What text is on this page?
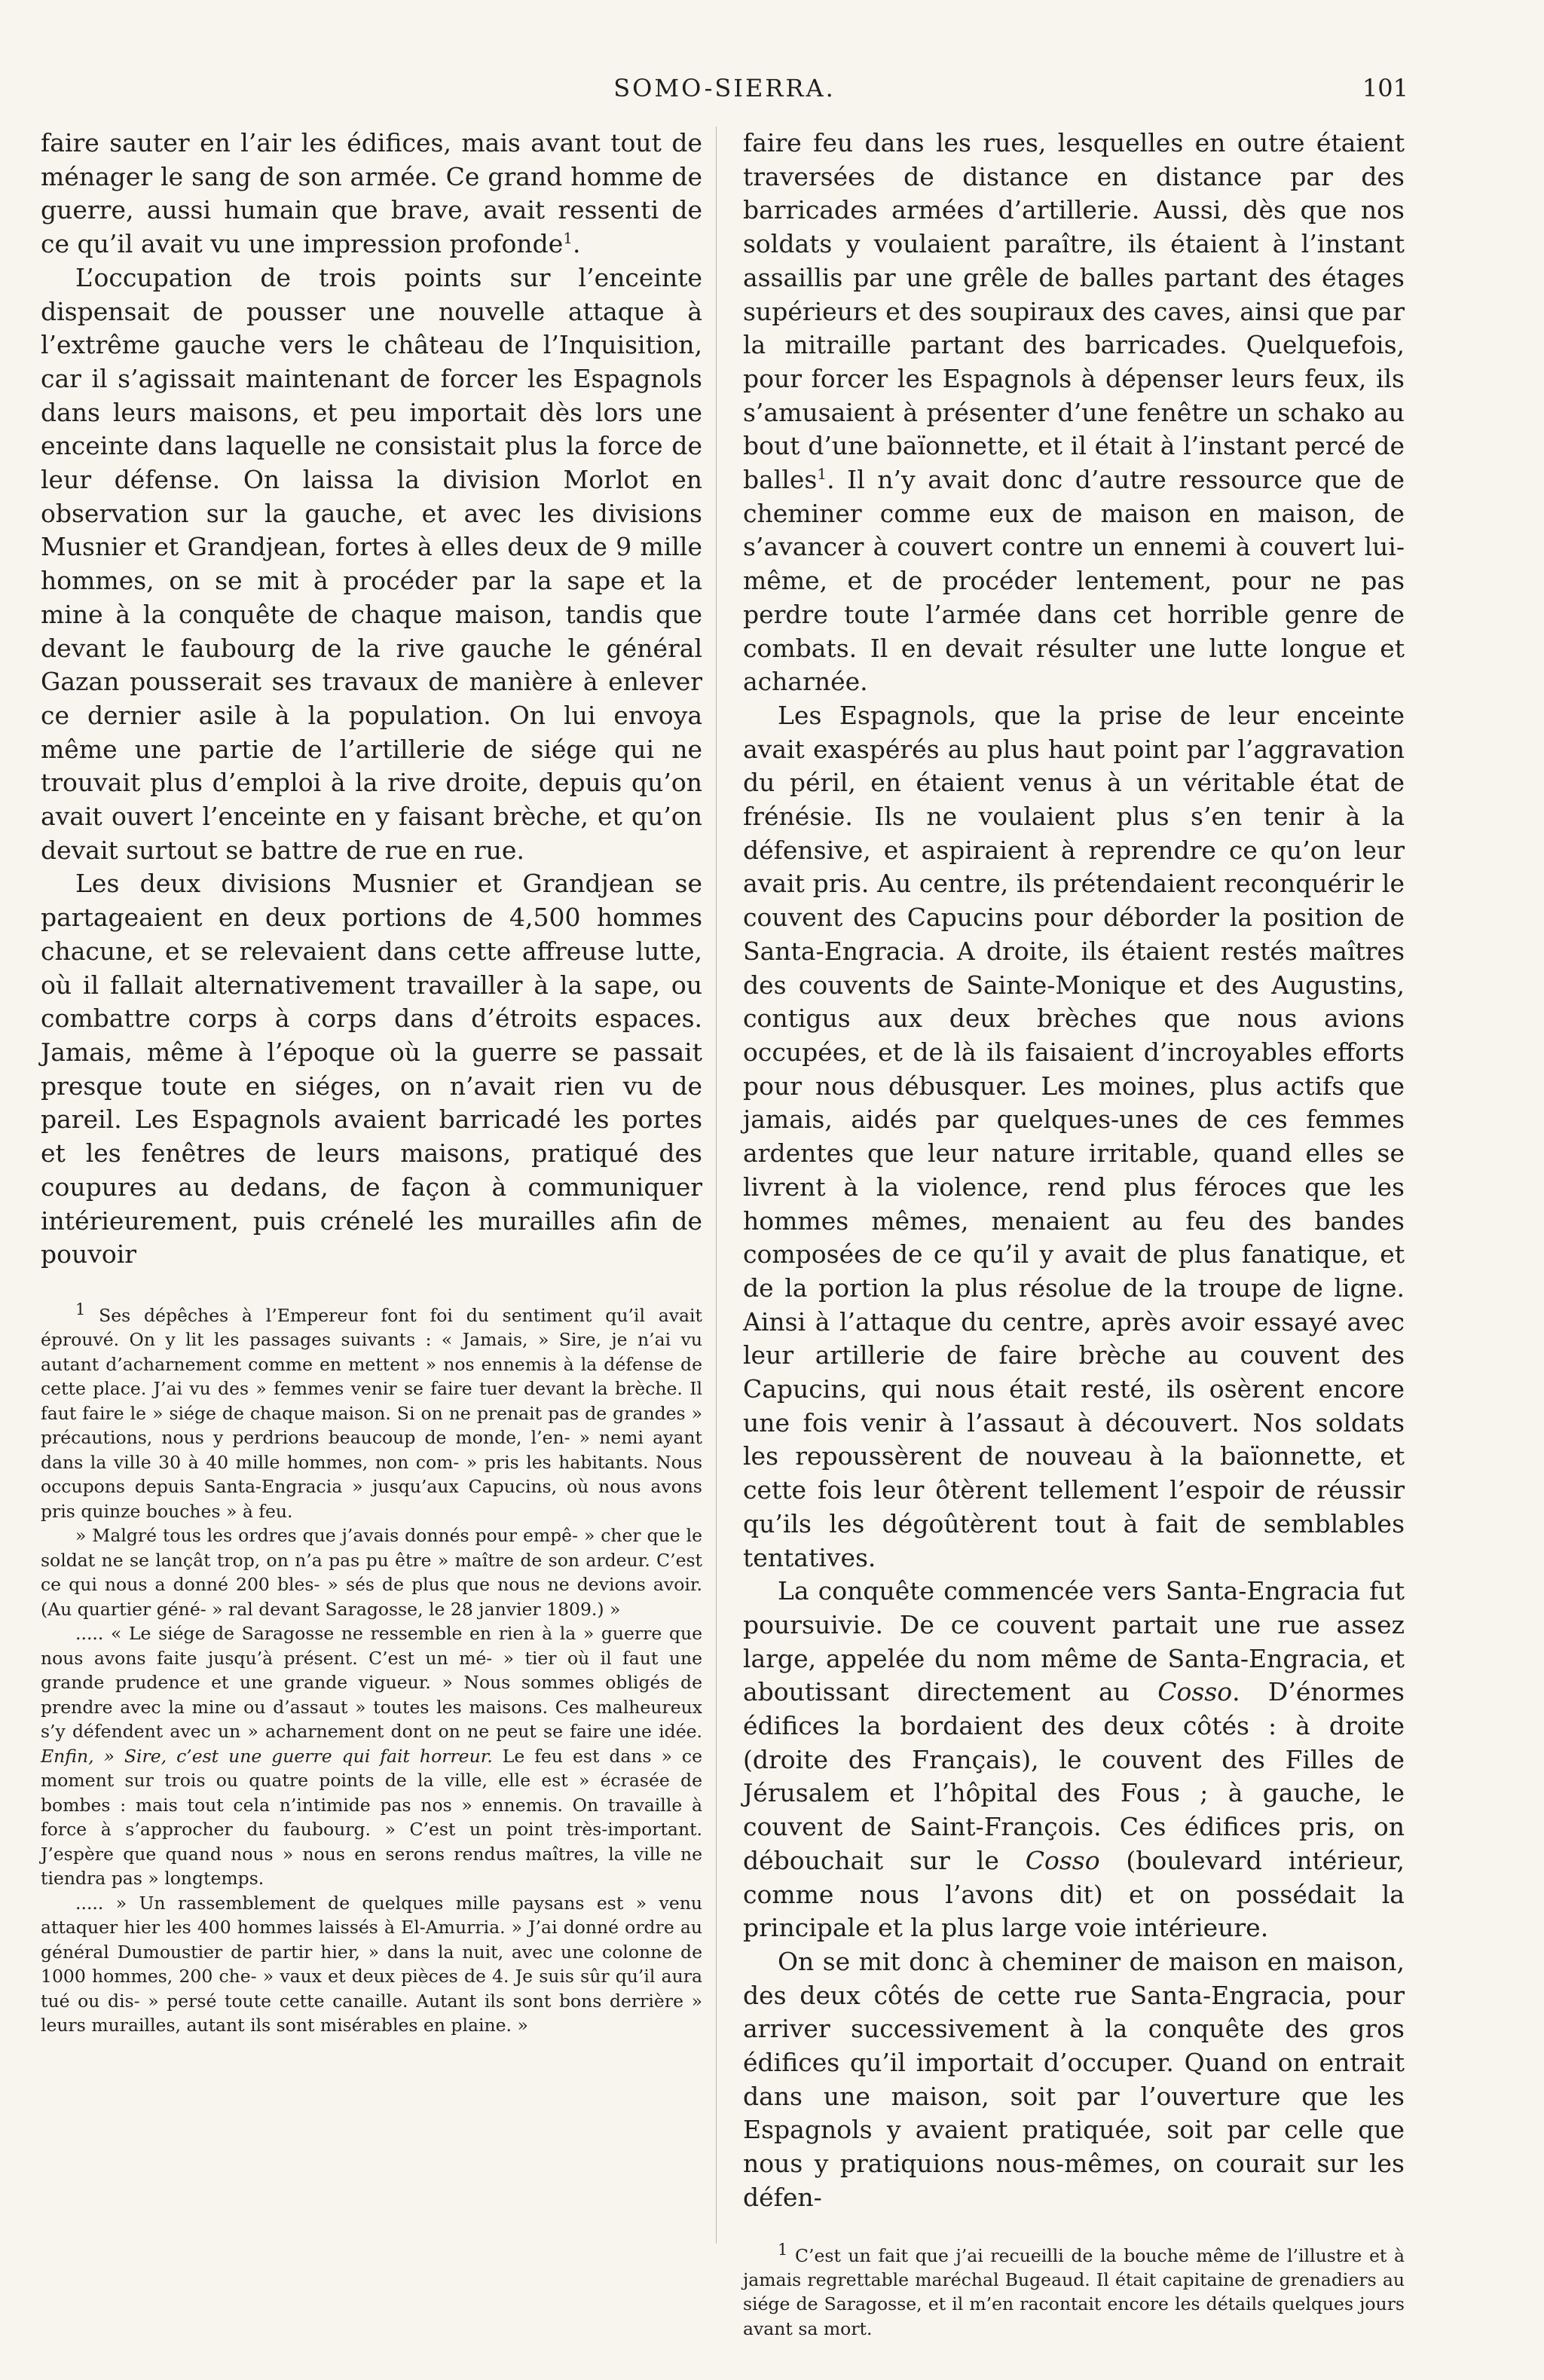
SOMO-SIERRA.	101

faire sauter en l’air les édifices, mais avant tout de ménager le sang de son armée. Ce grand homme de guerre, aussi humain que brave, avait ressenti de ce qu’il avait vu une impression profonde$^1$.

L’occupation de trois points sur l’enceinte dispensait de pousser une nouvelle attaque à l’extrême gauche vers le château de l’Inquisition, car il s’agissait maintenant de forcer les Espagnols dans leurs maisons, et peu importait dès lors une enceinte dans laquelle ne consistait plus la force de leur défense. On laissa la division Morlot en observation sur la gauche, et avec les divisions Musnier et Grandjean, fortes à elles deux de 9 mille hommes, on se mit à procéder par la sape et la mine à la conquête de chaque maison, tandis que devant le faubourg de la rive gauche le général Gazan pousserait ses travaux de manière à enlever ce dernier asile à la population. On lui envoya même une partie de l’artillerie de siége qui ne trouvait plus d’emploi à la rive droite, depuis qu’on avait ouvert l’enceinte en y faisant brèche, et qu’on devait surtout se battre de rue en rue.

Les deux divisions Musnier et Grandjean se partageaient en deux portions de 4,500 hommes chacune, et se relevaient dans cette affreuse lutte, où il fallait alternativement travailler à la sape, ou combattre corps à corps dans d’étroits espaces. Jamais, même à l’époque où la guerre se passait presque toute en siéges, on n’avait rien vu de pareil. Les Espagnols avaient barricadé les portes et les fenêtres de leurs maisons, pratiqué des coupures au dedans, de façon à communiquer intérieurement, puis crénelé les murailles afin de pouvoir

1 Ses dépêches à l’Empereur font foi du sentiment qu’il avait éprouvé. On y lit les passages suivants : « Jamais, » Sire, je n’ai vu autant d’acharnement comme en mettent » nos ennemis à la défense de cette place. J’ai vu des » femmes venir se faire tuer devant la brèche. Il faut faire le » siége de chaque maison. Si on ne prenait pas de grandes » précautions, nous y perdrions beaucoup de monde, l’en- » nemi ayant dans la ville 30 à 40 mille hommes, non com- » pris les habitants. Nous occupons depuis Santa-Engracia » jusqu’aux Capucins, où nous avons pris quinze bouches » à feu.

» Malgré tous les ordres que j’avais donnés pour empê- » cher que le soldat ne se lançât trop, on n’a pas pu être » maître de son ardeur. C’est ce qui nous a donné 200 bles- » sés de plus que nous ne devions avoir. (Au quartier géné- » ral devant Saragosse, le 28 janvier 1809.) »

..... « Le siége de Saragosse ne ressemble en rien à la » guerre que nous avons faite jusqu’à présent. C’est un mé- » tier où il faut une grande prudence et une grande vigueur. » Nous sommes obligés de prendre avec la mine ou d’assaut » toutes les maisons. Ces malheureux s’y défendent avec un » acharnement dont on ne peut se faire une idée. Enfin, » Sire, c’est une guerre qui fait horreur. Le feu est dans » ce moment sur trois ou quatre points de la ville, elle est » écrasée de bombes : mais tout cela n’intimide pas nos » ennemis. On travaille à force à s’approcher du faubourg. » C’est un point très-important. J’espère que quand nous » nous en serons rendus maîtres, la ville ne tiendra pas » longtemps.

..... » Un rassemblement de quelques mille paysans est » venu attaquer hier les 400 hommes laissés à El-Amurria. » J’ai donné ordre au général Dumoustier de partir hier, » dans la nuit, avec une colonne de 1000 hommes, 200 che- » vaux et deux pièces de 4. Je suis sûr qu’il aura tué ou dis- » persé toute cette canaille. Autant ils sont bons derrière » leurs murailles, autant ils sont misérables en plaine. »

faire feu dans les rues, lesquelles en outre étaient traversées de distance en distance par des barricades armées d’artillerie. Aussi, dès que nos soldats y voulaient paraître, ils étaient à l’instant assaillis par une grêle de balles partant des étages supérieurs et des soupiraux des caves, ainsi que par la mitraille partant des barricades. Quelquefois, pour forcer les Espagnols à dépenser leurs feux, ils s’amusaient à présenter d’une fenêtre un schako au bout d’une baïonnette, et il était à l’instant percé de balles$^1$. Il n’y avait donc d’autre ressource que de cheminer comme eux de maison en maison, de s’avancer à couvert contre un ennemi à couvert lui-même, et de procéder lentement, pour ne pas perdre toute l’armée dans cet horrible genre de combats. Il en devait résulter une lutte longue et acharnée.

Les Espagnols, que la prise de leur enceinte avait exaspérés au plus haut point par l’aggravation du péril, en étaient venus à un véritable état de frénésie. Ils ne voulaient plus s’en tenir à la défensive, et aspiraient à reprendre ce qu’on leur avait pris. Au centre, ils prétendaient reconquérir le couvent des Capucins pour déborder la position de Santa-Engracia. A droite, ils étaient restés maîtres des couvents de Sainte-Monique et des Augustins, contigus aux deux brèches que nous avions occupées, et de là ils faisaient d’incroyables efforts pour nous débusquer. Les moines, plus actifs que jamais, aidés par quelques-unes de ces femmes ardentes que leur nature irritable, quand elles se livrent à la violence, rend plus féroces que les hommes mêmes, menaient au feu des bandes composées de ce qu’il y avait de plus fanatique, et de la portion la plus résolue de la troupe de ligne. Ainsi à l’attaque du centre, après avoir essayé avec leur artillerie de faire brèche au couvent des Capucins, qui nous était resté, ils osèrent encore une fois venir à l’assaut à découvert. Nos soldats les repoussèrent de nouveau à la baïonnette, et cette fois leur ôtèrent tellement l’espoir de réussir qu’ils les dégoûtèrent tout à fait de semblables tentatives.

La conquête commencée vers Santa-Engracia fut poursuivie. De ce couvent partait une rue assez large, appelée du nom même de Santa-Engracia, et aboutissant directement au Cosso. D’énormes édifices la bordaient des deux côtés : à droite (droite des Français), le couvent des Filles de Jérusalem et l’hôpital des Fous ; à gauche, le couvent de Saint-François. Ces édifices pris, on débouchait sur le Cosso (boulevard intérieur, comme nous l’avons dit) et on possédait la principale et la plus large voie intérieure.

On se mit donc à cheminer de maison en maison, des deux côtés de cette rue Santa-Engracia, pour arriver successivement à la conquête des gros édifices qu’il importait d’occuper. Quand on entrait dans une maison, soit par l’ouverture que les Espagnols y avaient pratiquée, soit par celle que nous y pratiquions nous-mêmes, on courait sur les défen-

1 C’est un fait que j’ai recueilli de la bouche même de l’illustre et à jamais regrettable maréchal Bugeaud. Il était capitaine de grenadiers au siége de Saragosse, et il m’en racontait encore les détails quelques jours avant sa mort.
